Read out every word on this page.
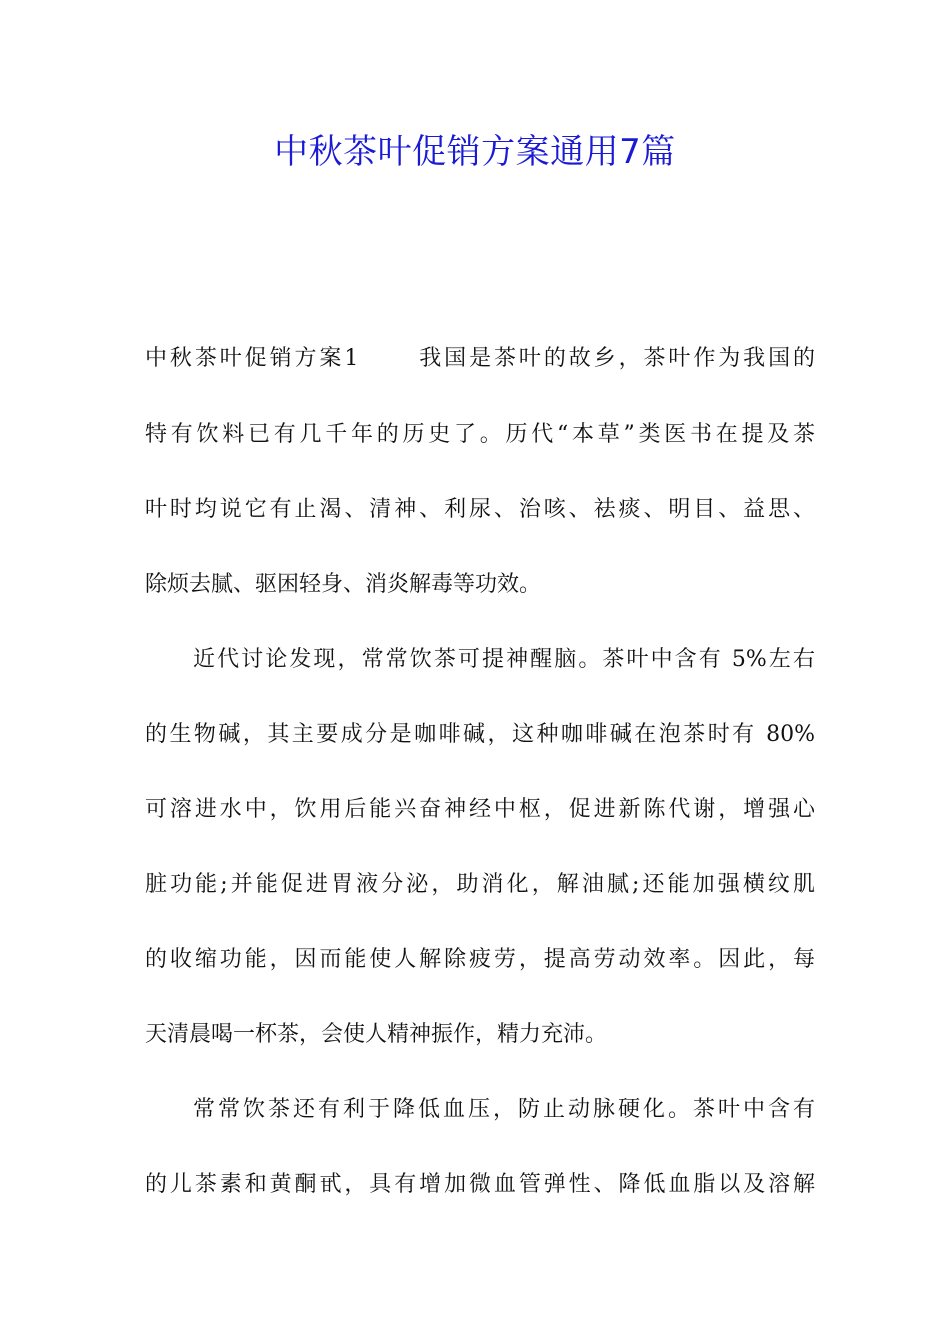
中秋茶叶促销方案通用7篇
中秋茶叶促销方案1	我国是茶叶的故乡，茶叶作为我国的
特有饮料已有几千年的历史了。历代“本草”类医书在提及茶
叶时均说它有止渴、清神、利尿、治咳、祛痰、明目、益思、
除烦去腻、驱困轻身、消炎解毒等功效。
近代讨论发现，常常饮茶可提神醒脑。茶叶中含有 5%左右
的生物碱，其主要成分是咖啡碱，这种咖啡碱在泡茶时有 80%
可溶进水中，饮用后能兴奋神经中枢，促进新陈代谢，增强心
脏功能;并能促进胃液分泌，助消化，解油腻;还能加强横纹肌
的收缩功能，因而能使人解除疲劳，提高劳动效率。因此，每
天清晨喝一杯茶，会使人精神振作，精力充沛。
常常饮茶还有利于降低血压，防止动脉硬化。茶叶中含有
的儿茶素和黄酮甙，具有增加微血管弹性、降低血脂以及溶解
